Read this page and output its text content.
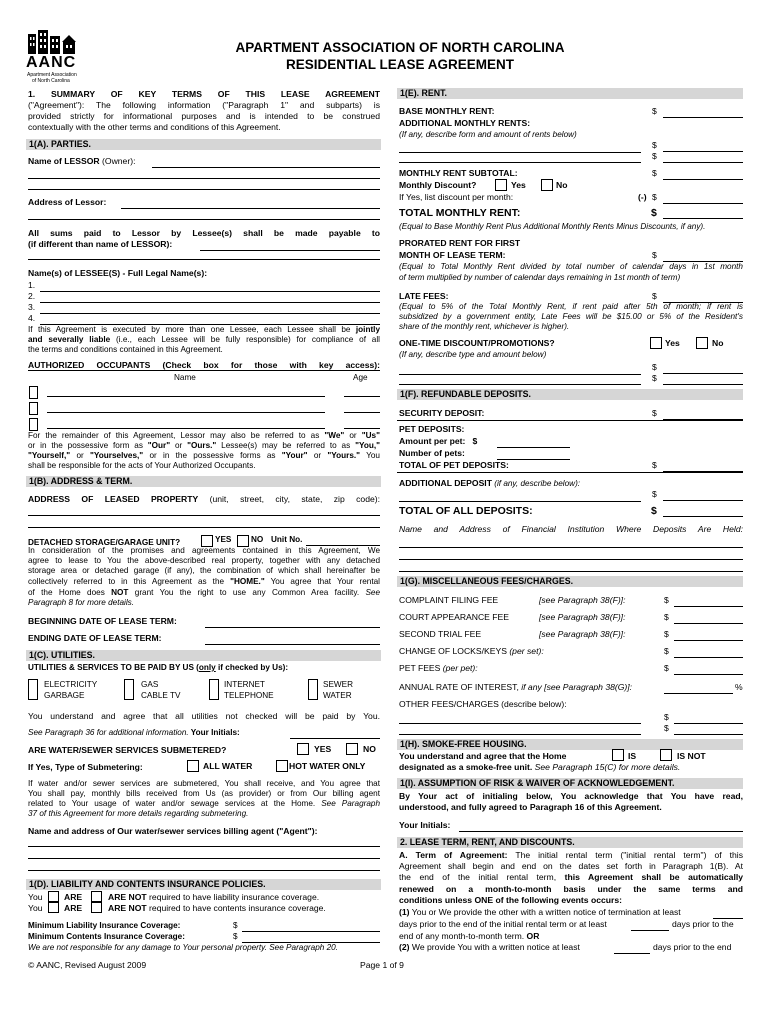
AANC
Apartment Association
of North Carolina
APARTMENT ASSOCIATION OF NORTH CAROLINA
RESIDENTIAL LEASE AGREEMENT
1. SUMMARY OF KEY TERMS OF THIS LEASE AGREEMENT
("Agreement"): The following information ("Paragraph 1" and subparts) is
provided strictly for informational purposes and is intended to be construed
contextually with the other terms and conditions of this Agreement.
1(A). PARTIES.
Name of LESSOR (Owner):
Address of Lessor:
All sums paid to Lessor by Lessee(s) shall be made payable to
(if different than name of LESSOR):
Name(s) of LESSEE(S) - Full Legal Name(s):
1.
2.
3.
4.
If this Agreement is executed by more than one Lessee, each Lessee shall be jointly
and severally liable (i.e., each Lessee will be fully responsible) for compliance of all
the terms and conditions contained in this Agreement.
AUTHORIZED OCCUPANTS (Check box for those with key access):
Name	Age
For the remainder of this Agreement, Lessor may also be referred to as "We" or "Us"
or in the possessive form as "Our" or "Ours." Lessee(s) may be referred to as "You,"
"Yourself," or "Yourselves," or in the possessive forms as "Your" or "Yours." You
shall be responsible for the acts of Your Authorized Occupants.
1(B). ADDRESS & TERM.
ADDRESS OF LEASED PROPERTY (unit, street, city, state, zip code):
DETACHED STORAGE/GARAGE UNIT?	YES NO Unit No.
In consideration of the promises and agreements contained in this Agreement, We
agree to lease to You the above-described real property, together with any detached
storage area or detached garage (if any), the combination of which shall hereinafter be
collectively referred to in this Agreement as the "HOME." You agree that Your rental
of the Home does NOT grant You the right to use any Common Area facility. See
Paragraph 8 for more details.
BEGINNING DATE OF LEASE TERM:
ENDING DATE OF LEASE TERM:
1(C). UTILITIES.
UTILITIES & SERVICES TO BE PAID BY US (only if checked by Us):
ELECTRICITY
GARBAGE
GAS
CABLE TV
INTERNET
TELEPHONE
SEWER
WATER
You understand and agree that all utilities not checked will be paid by You.
See Paragraph 36 for additional information. Your Initials:
ARE WATER/SEWER SERVICES SUBMETERED?	YES	NO
If Yes, Type of Submetering:	ALL WATER	HOT WATER ONLY
If water and/or sewer services are submetered, You shall receive, and You agree that
You shall pay, monthly bills received from Us (as provider) or from Our billing agent
related to Your usage of water and/or sewage services at the Home. See Paragraph
37 of this Agreement for more details regarding submetering.
Name and address of Our water/sewer services billing agent ("Agent"):
1(D). LIABILITY AND CONTENTS INSURANCE POLICIES.
You ARE	ARE NOT required to have liability insurance coverage.
You ARE	ARE NOT required to have contents insurance coverage.
Minimum Liability Insurance Coverage:	$
Minimum Contents Insurance Coverage:	$
We are not responsible for any damage to Your personal property. See Paragraph 20.
1(E). RENT.
BASE MONTHLY RENT:	$
ADDITIONAL MONTHLY RENTS:
(If any, describe form and amount of rents below)
$
$
MONTHLY RENT SUBTOTAL:	$
Monthly Discount?	Yes	No
If Yes, list discount per month:	(-) $
TOTAL MONTHLY RENT:	$
(Equal to Base Monthly Rent Plus Additional Monthly Rents Minus Discounts, if any).
PRORATED RENT FOR FIRST
MONTH OF LEASE TERM:	$
(Equal to Total Monthly Rent divided by total number of calendar days in 1st month
of term multiplied by number of calendar days remaining in 1st month of term)
LATE FEES:	$
(Equal to 5% of the Total Monthly Rent, if rent paid after 5th of month; if rent is
subsidized by a government entity, Late Fees will be $15.00 or 5% of the Resident's
share of the monthly rent, whichever is higher).
ONE-TIME DISCOUNT/PROMOTIONS?	Yes	No
(If any, describe type and amount below)
$
$
1(F). REFUNDABLE DEPOSITS.
SECURITY DEPOSIT:	$
PET DEPOSITS:
Amount per pet: $
Number of pets:
TOTAL OF PET DEPOSITS:	$
ADDITIONAL DEPOSIT (if any, describe below):
$
TOTAL OF ALL DEPOSITS:	$
Name and Address of Financial Institution Where Deposits Are Held:
1(G). MISCELLANEOUS FEES/CHARGES.
COMPLAINT FILING FEE	[see Paragraph 38(F)]:	$
COURT APPEARANCE FEE	[see Paragraph 38(F)]:	$
SECOND TRIAL FEE	[see Paragraph 38(F)]:	$
CHANGE OF LOCKS/KEYS (per set):	$
PET FEES (per pet):	$
ANNUAL RATE OF INTEREST, if any [see Paragraph 38(G)]:	%
OTHER FEES/CHARGES (describe below):
$
$
1(H). SMOKE-FREE HOUSING.
You understand and agree that the Home	IS	IS NOT
designated as a smoke-free unit. See Paragraph 15(C) for more details.
1(I). ASSUMPTION OF RISK & WAIVER OF ACKNOWLEDGEMENT.
By Your act of initialing below, You acknowledge that You have read,
understood, and fully agreed to Paragraph 16 of this Agreement.
Your Initials:
2. LEASE TERM, RENT, AND DISCOUNTS.
A. Term of Agreement: The initial rental term ("initial rental term") of this
Agreement shall begin and end on the dates set forth in Paragraph 1(B). At
the end of the initial rental term, this Agreement shall be automatically
renewed on a month-to-month basis under the same terms and
conditions unless ONE of the following events occurs:
(1) You or We provide the other with a written notice of termination at least
days prior to the end of the initial rental term or at least	days prior to the
end of any month-to-month term. OR
(2) We provide You with a written notice at least	days prior to the end
© AANC, Revised August 2009	Page 1 of 9
